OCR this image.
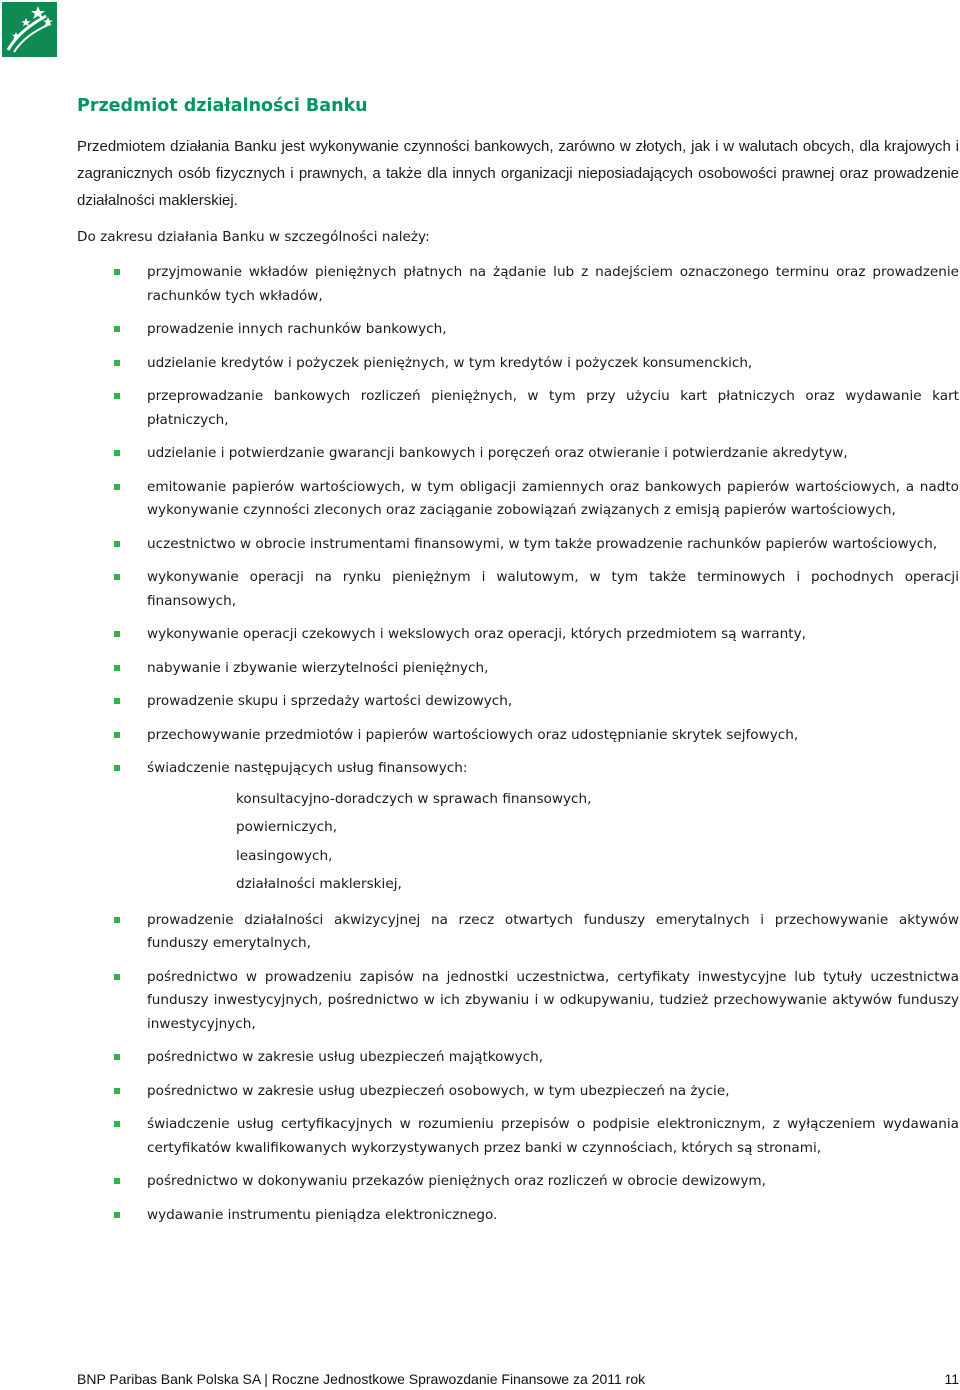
Przedmiot działalności Banku

Przedmiotem działania Banku jest wykonywanie czynności bankowych, zarówno w złotych, jak i w walutach obcych, dla krajowych i zagranicznych osób fizycznych i prawnych, a także dla innych organizacji nieposiadających osobowości prawnej oraz prowadzenie działalności maklerskiej.

Do zakresu działania Banku w szczególności należy:

przyjmowanie wkładów pieniężnych płatnych na żądanie lub z nadejściem oznaczonego terminu oraz prowadzenie rachunków tych wkładów,
prowadzenie innych rachunków bankowych,
udzielanie kredytów i pożyczek pieniężnych, w tym kredytów i pożyczek konsumenckich,
przeprowadzanie bankowych rozliczeń pieniężnych, w tym przy użyciu kart płatniczych oraz wydawanie kart płatniczych,
udzielanie i potwierdzanie gwarancji bankowych i poręczeń oraz otwieranie i potwierdzanie akredytyw,
emitowanie papierów wartościowych, w tym obligacji zamiennych oraz bankowych papierów wartościowych, a nadto wykonywanie czynności zleconych oraz zaciąganie zobowiązań związanych z emisją papierów wartościowych,
uczestnictwo w obrocie instrumentami finansowymi, w tym także prowadzenie rachunków papierów wartościowych,
wykonywanie operacji na rynku pieniężnym i walutowym, w tym także terminowych i pochodnych operacji finansowych,
wykonywanie operacji czekowych i wekslowych oraz operacji, których przedmiotem są warranty,
nabywanie i zbywanie wierzytelności pieniężnych,
prowadzenie skupu i sprzedaży wartości dewizowych,
przechowywanie przedmiotów i papierów wartościowych oraz udostępnianie skrytek sejfowych,
świadczenie następujących usług finansowych:
konsultacyjno-doradczych w sprawach finansowych,
powierniczych,
leasingowych,
działalności maklerskiej,
prowadzenie działalności akwizycyjnej na rzecz otwartych funduszy emerytalnych i przechowywanie aktywów funduszy emerytalnych,
pośrednictwo w prowadzeniu zapisów na jednostki uczestnictwa, certyfikaty inwestycyjne lub tytuły uczestnictwa funduszy inwestycyjnych, pośrednictwo w ich zbywaniu i w odkupywaniu, tudzież przechowywanie aktywów funduszy inwestycyjnych,
pośrednictwo w zakresie usług ubezpieczeń majątkowych,
pośrednictwo w zakresie usług ubezpieczeń osobowych, w tym ubezpieczeń na życie,
świadczenie usług certyfikacyjnych w rozumieniu przepisów o podpisie elektronicznym, z wyłączeniem wydawania certyfikatów kwalifikowanych wykorzystywanych przez banki w czynnościach, których są stronami,
pośrednictwo w dokonywaniu przekazów pieniężnych oraz rozliczeń w obrocie dewizowym,
wydawanie instrumentu pieniądza elektronicznego.
BNP Paribas Bank Polska SA | Roczne Jednostkowe Sprawozdanie Finansowe za 2011 rok	11
